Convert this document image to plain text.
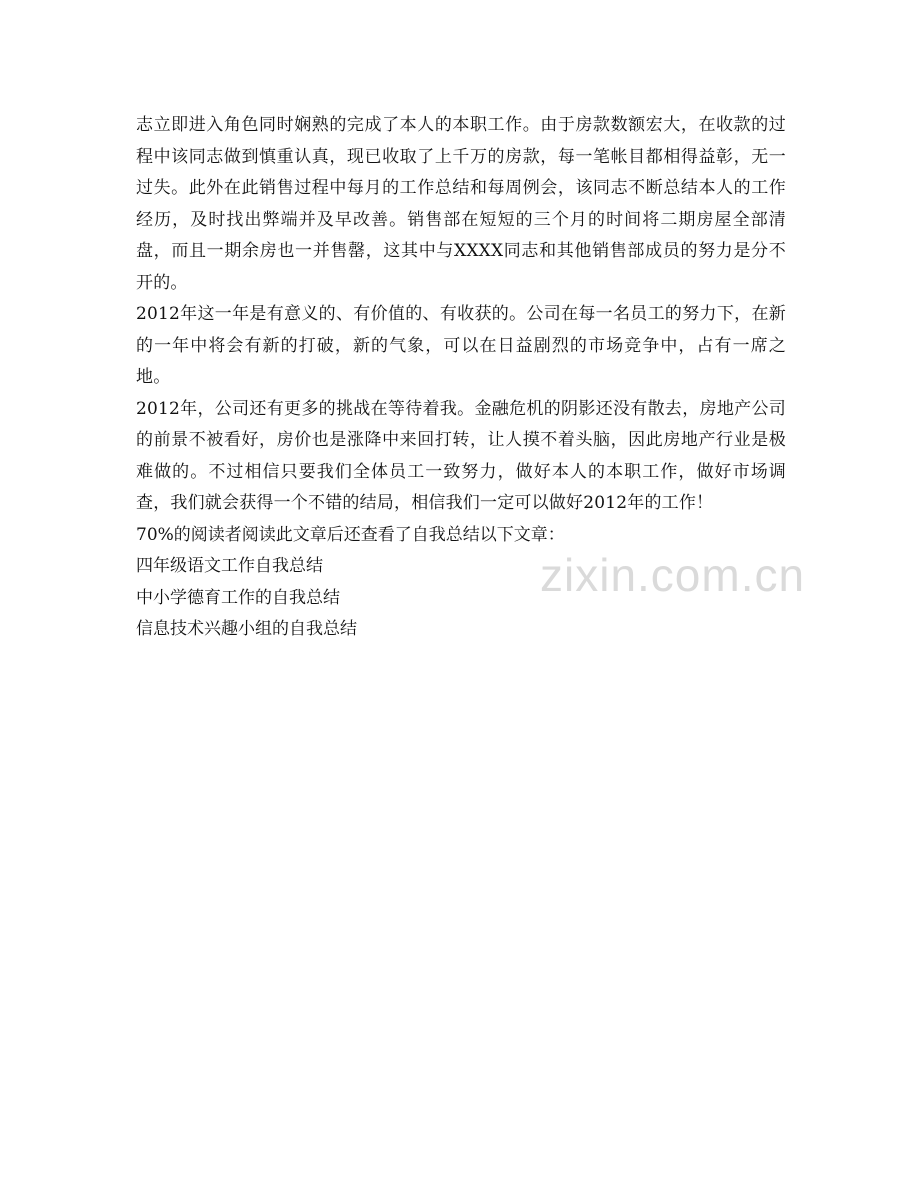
志立即进入角色同时娴熟的完成了本人的本职工作。由于房款数额宏大，在收款的过程中该同志做到慎重认真，现已收取了上千万的房款，每一笔帐目都相得益彰，无一过失。此外在此销售过程中每月的工作总结和每周例会，该同志不断总结本人的工作经历，及时找出弊端并及早改善。销售部在短短的三个月的时间将二期房屋全部清盘，而且一期余房也一并售罄，这其中与XXXX同志和其他销售部成员的努力是分不开的。

2012年这一年是有意义的、有价值的、有收获的。公司在每一名员工的努力下，在新的一年中将会有新的打破，新的气象，可以在日益剧烈的市场竞争中，占有一席之地。

2012年，公司还有更多的挑战在等待着我。金融危机的阴影还没有散去，房地产公司的前景不被看好，房价也是涨降中来回打转，让人摸不着头脑，因此房地产行业是极难做的。不过相信只要我们全体员工一致努力，做好本人的本职工作，做好市场调查，我们就会获得一个不错的结局，相信我们一定可以做好2012年的工作！

70%的阅读者阅读此文章后还查看了自我总结以下文章：

四年级语文工作自我总结

中小学德育工作的自我总结

信息技术兴趣小组的自我总结

zixin.com.cn
